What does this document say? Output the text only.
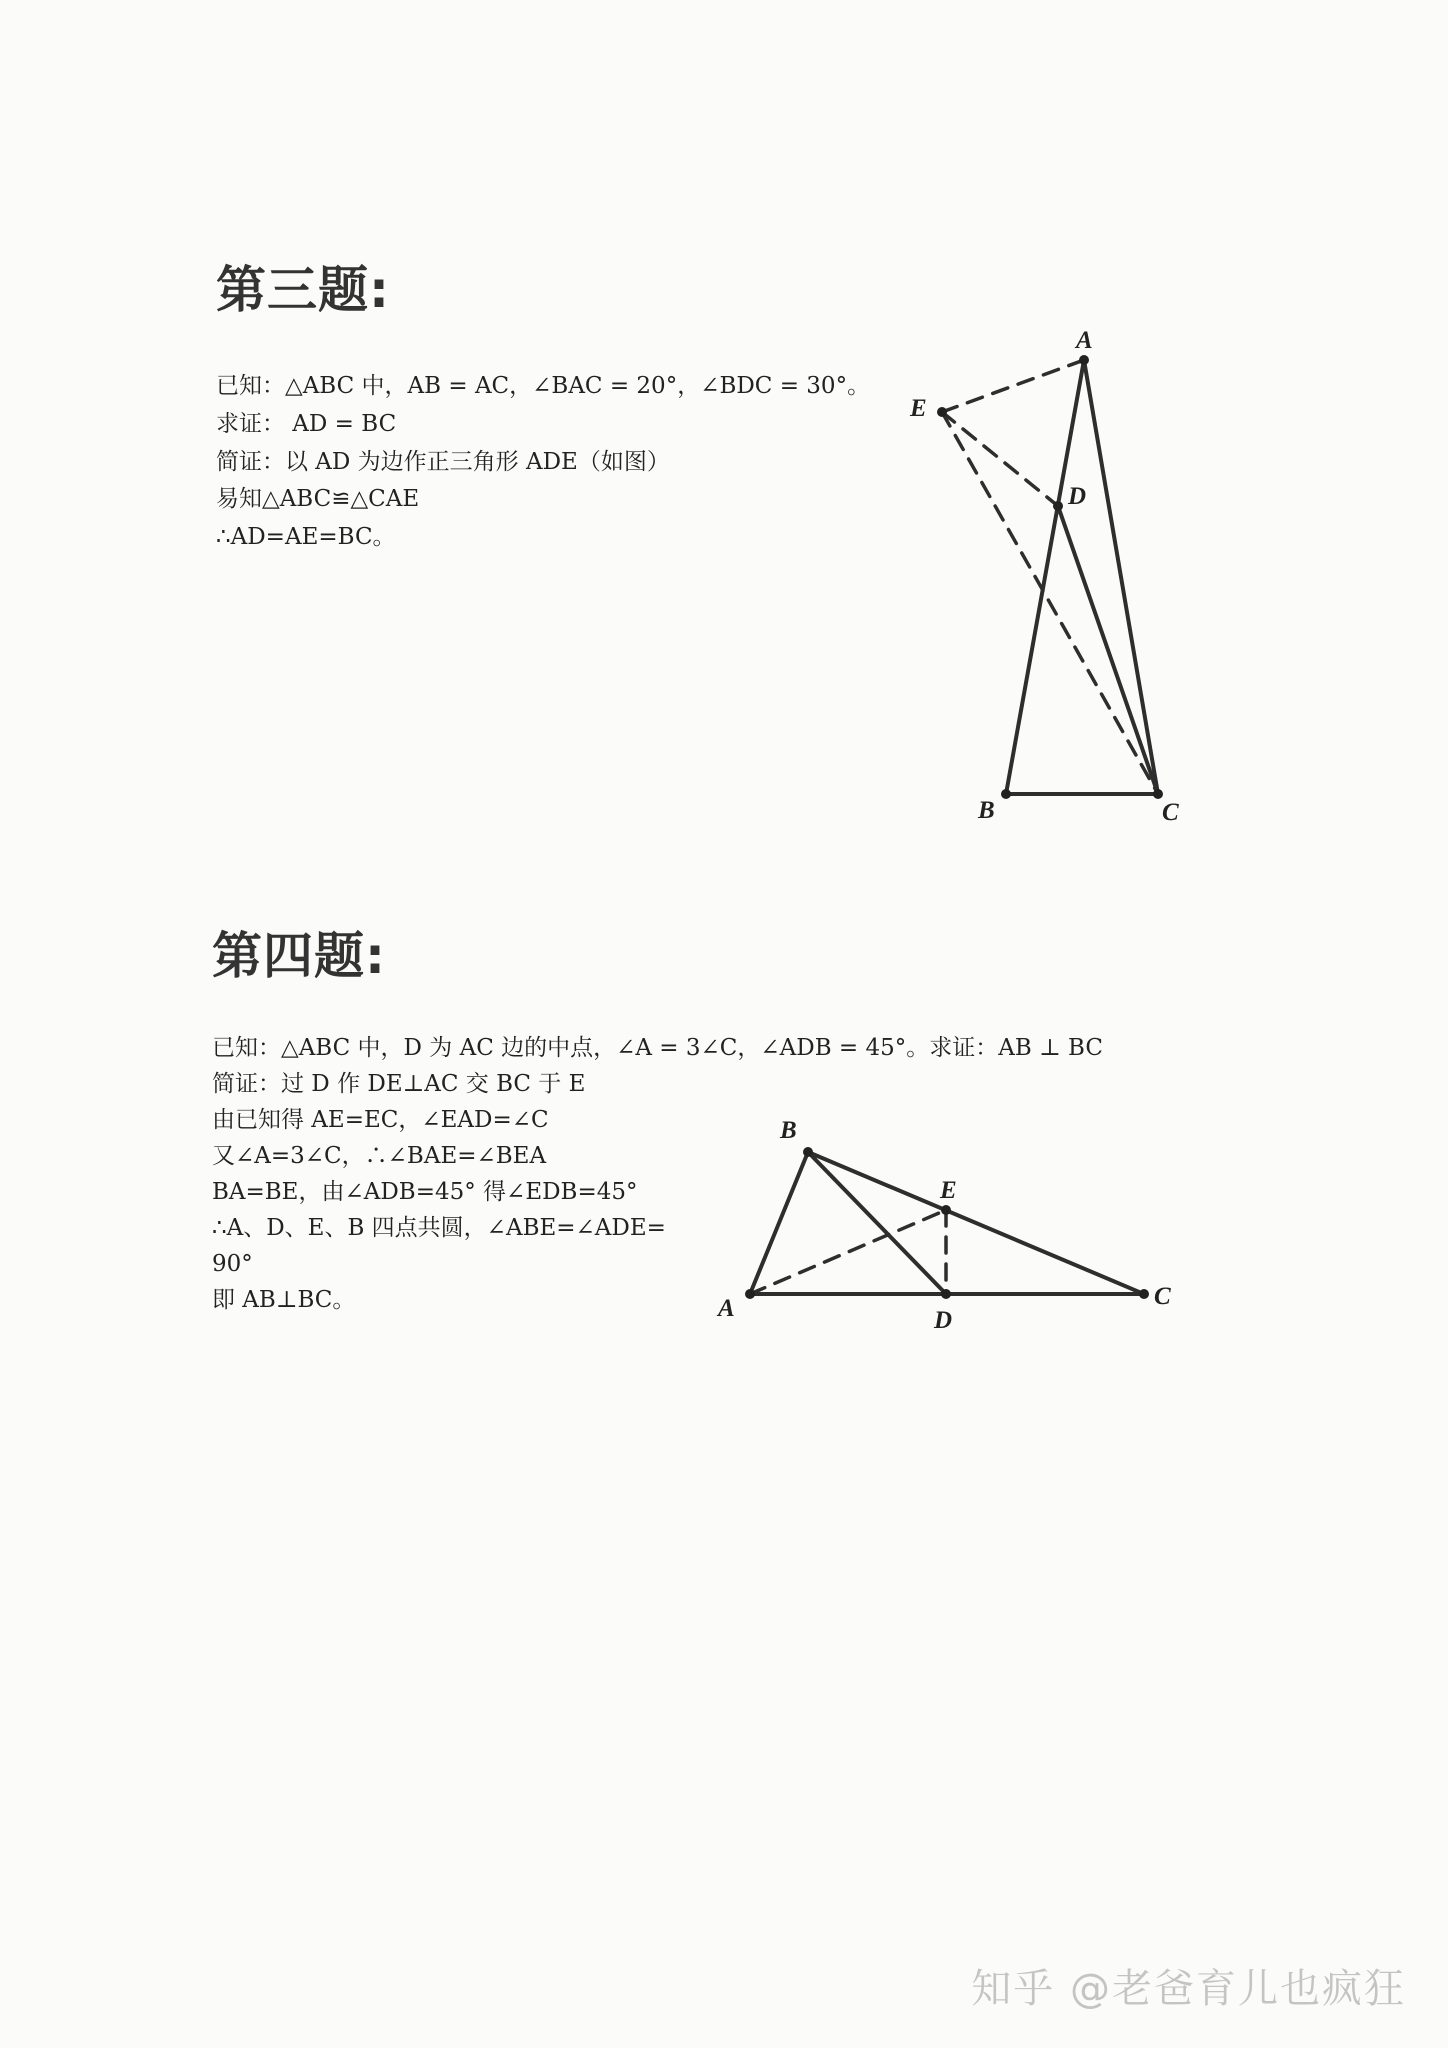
第三题:
已知：△ABC 中，AB = AC，∠BAC = 20°，∠BDC = 30°。
求证： AD = BC
简证：以 AD 为边作正三角形 ADE（如图）
易知△ABC≌△CAE
∴AD=AE=BC。
A
B	C
D
E
第四题:
已知：△ABC 中，D 为 AC 边的中点，∠A = 3∠C，∠ADB = 45°。求证：AB ⊥ BC
简证：过 D 作 DE⊥AC 交 BC 于 E
由已知得 AE=EC，∠EAD=∠C
又∠A=3∠C，∴∠BAE=∠BEA
BA=BE，由∠ADB=45° 得∠EDB=45°
∴A、D、E、B 四点共圆，∠ABE=∠ADE=
90°
即 AB⊥BC。	A
B
C
D
E
知乎 @老爸育儿也疯狂
